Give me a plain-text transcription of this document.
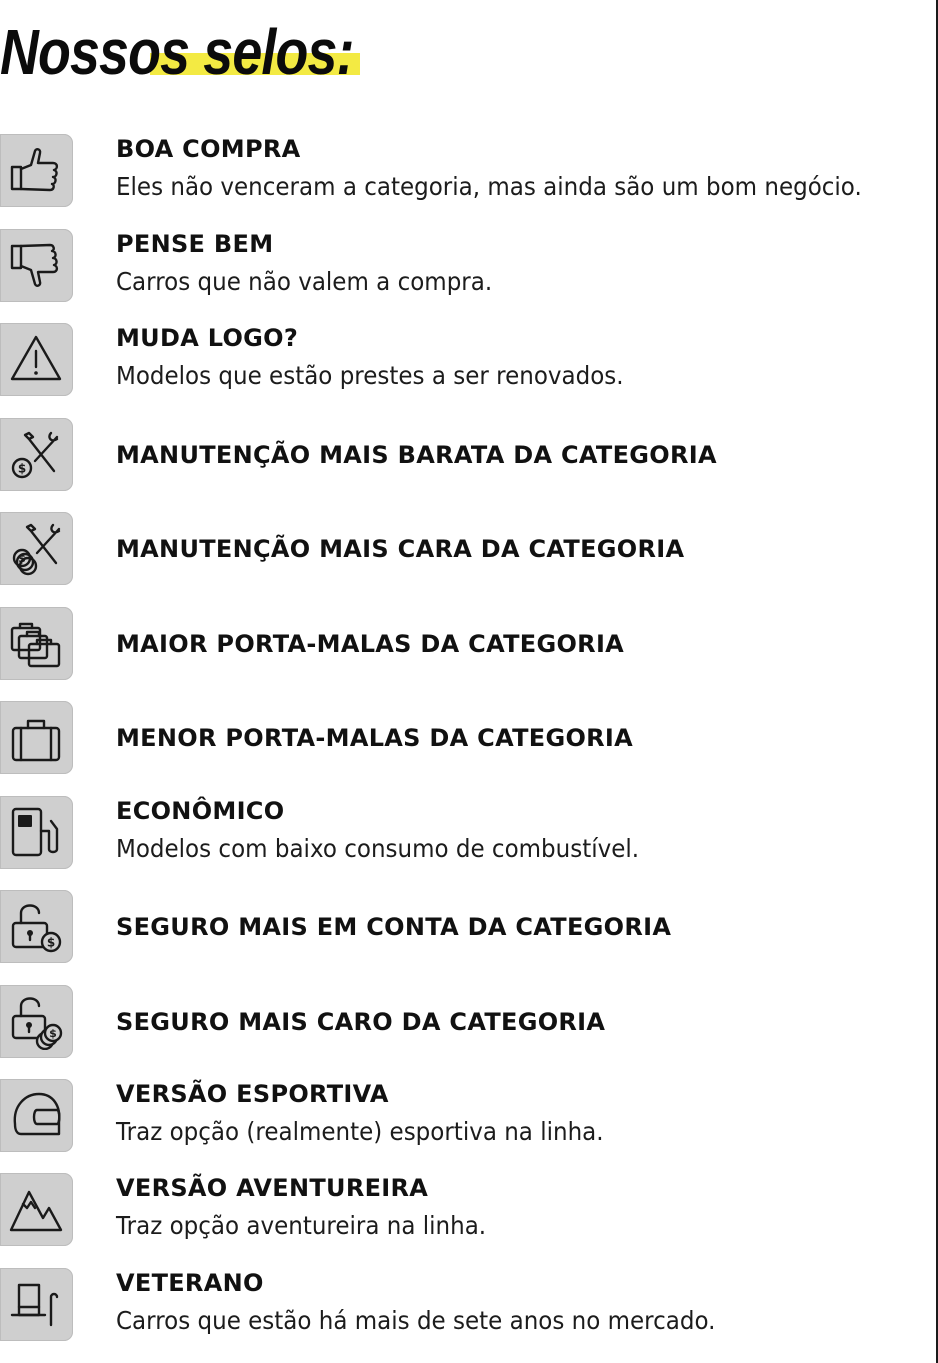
Nossos selos:
BOA COMPRA
Eles não venceram a categoria, mas ainda são um bom negócio.
PENSE BEM
Carros que não valem a compra.
MUDA LOGO?
Modelos que estão prestes a ser renovados.
$	MANUTENÇÃO MAIS BARATA DA CATEGORIA
$	MANUTENÇÃO MAIS CARA DA CATEGORIA
MAIOR PORTA-MALAS DA CATEGORIA
MENOR PORTA-MALAS DA CATEGORIA
ECONÔMICO
Modelos com baixo consumo de combustível.
$
SEGURO MAIS EM CONTA DA CATEGORIA
$ SEGURO MAIS CARO DA CATEGORIA
VERSÃO ESPORTIVA
Traz opção (realmente) esportiva na linha.
VERSÃO AVENTUREIRA
Traz opção aventureira na linha.
VETERANO
Carros que estão há mais de sete anos no mercado.
